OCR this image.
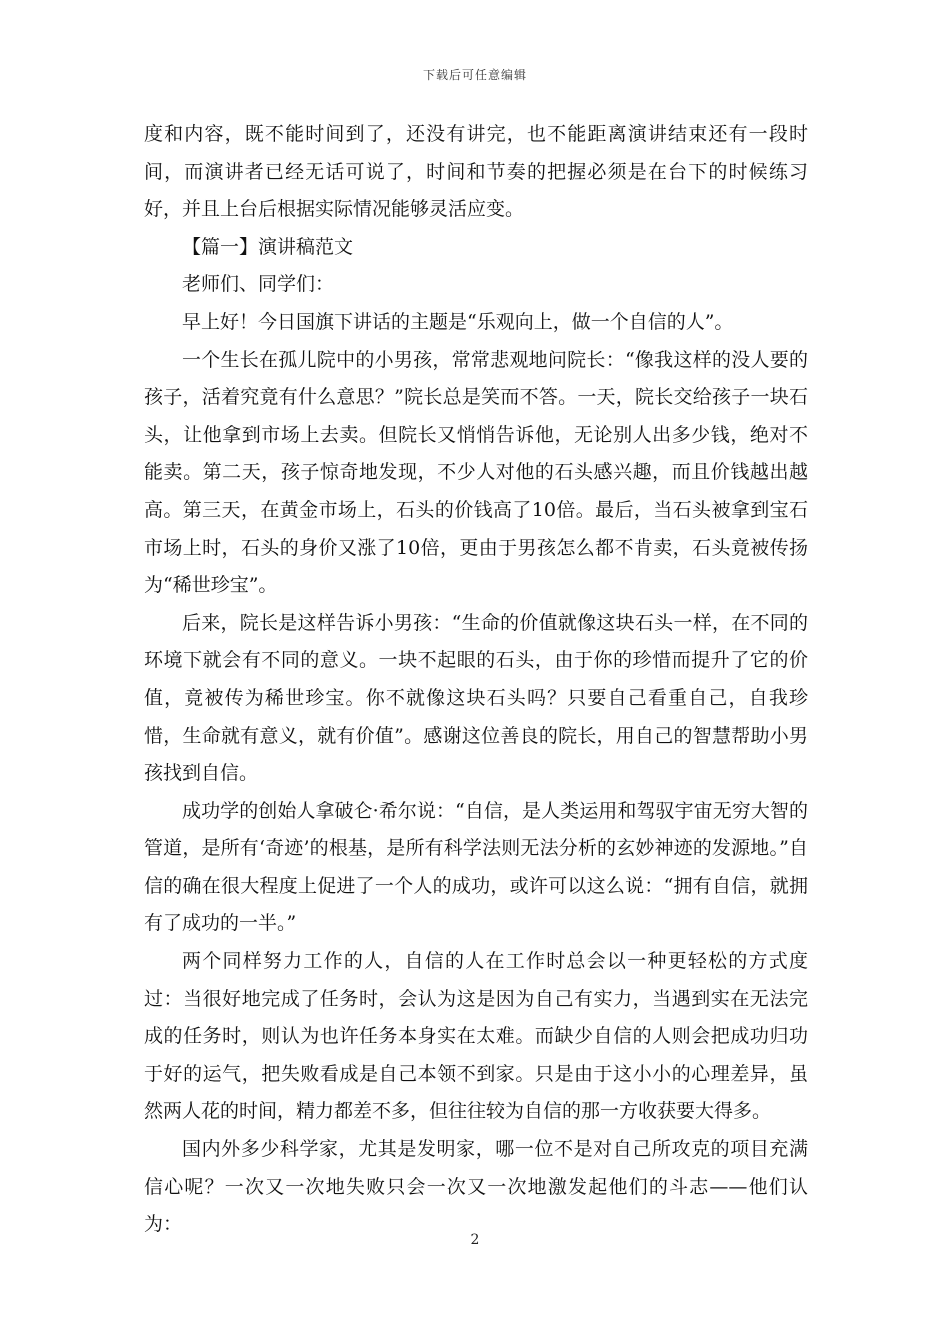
下载后可任意编辑

度和内容，既不能时间到了，还没有讲完，也不能距离演讲结束还有一段时间，而演讲者已经无话可说了，时间和节奏的把握必须是在台下的时候练习好，并且上台后根据实际情况能够灵活应变。

【篇一】演讲稿范文

老师们、同学们：

早上好！今日国旗下讲话的主题是“乐观向上，做一个自信的人”。

一个生长在孤儿院中的小男孩，常常悲观地问院长：“像我这样的没人要的孩子，活着究竟有什么意思？”院长总是笑而不答。一天，院长交给孩子一块石头，让他拿到市场上去卖。但院长又悄悄告诉他，无论别人出多少钱，绝对不能卖。第二天，孩子惊奇地发现，不少人对他的石头感兴趣，而且价钱越出越高。第三天，在黄金市场上，石头的价钱高了10倍。最后，当石头被拿到宝石市场上时，石头的身价又涨了10倍，更由于男孩怎么都不肯卖，石头竟被传扬为“稀世珍宝”。

后来，院长是这样告诉小男孩：“生命的价值就像这块石头一样，在不同的环境下就会有不同的意义。一块不起眼的石头，由于你的珍惜而提升了它的价值，竟被传为稀世珍宝。你不就像这块石头吗？只要自己看重自己，自我珍惜，生命就有意义，就有价值”。感谢这位善良的院长，用自己的智慧帮助小男孩找到自信。

成功学的创始人拿破仑·希尔说：“自信，是人类运用和驾驭宇宙无穷大智的管道，是所有‘奇迹’的根基，是所有科学法则无法分析的玄妙神迹的发源地。”自信的确在很大程度上促进了一个人的成功，或许可以这么说：“拥有自信，就拥有了成功的一半。”

两个同样努力工作的人，自信的人在工作时总会以一种更轻松的方式度过：当很好地完成了任务时，会认为这是因为自己有实力，当遇到实在无法完成的任务时，则认为也许任务本身实在太难。而缺少自信的人则会把成功归功于好的运气，把失败看成是自己本领不到家。只是由于这小小的心理差异，虽然两人花的时间，精力都差不多，但往往较为自信的那一方收获要大得多。

国内外多少科学家，尤其是发明家，哪一位不是对自己所攻克的项目充满信心呢？一次又一次地失败只会一次又一次地激发起他们的斗志——他们认为：

2
